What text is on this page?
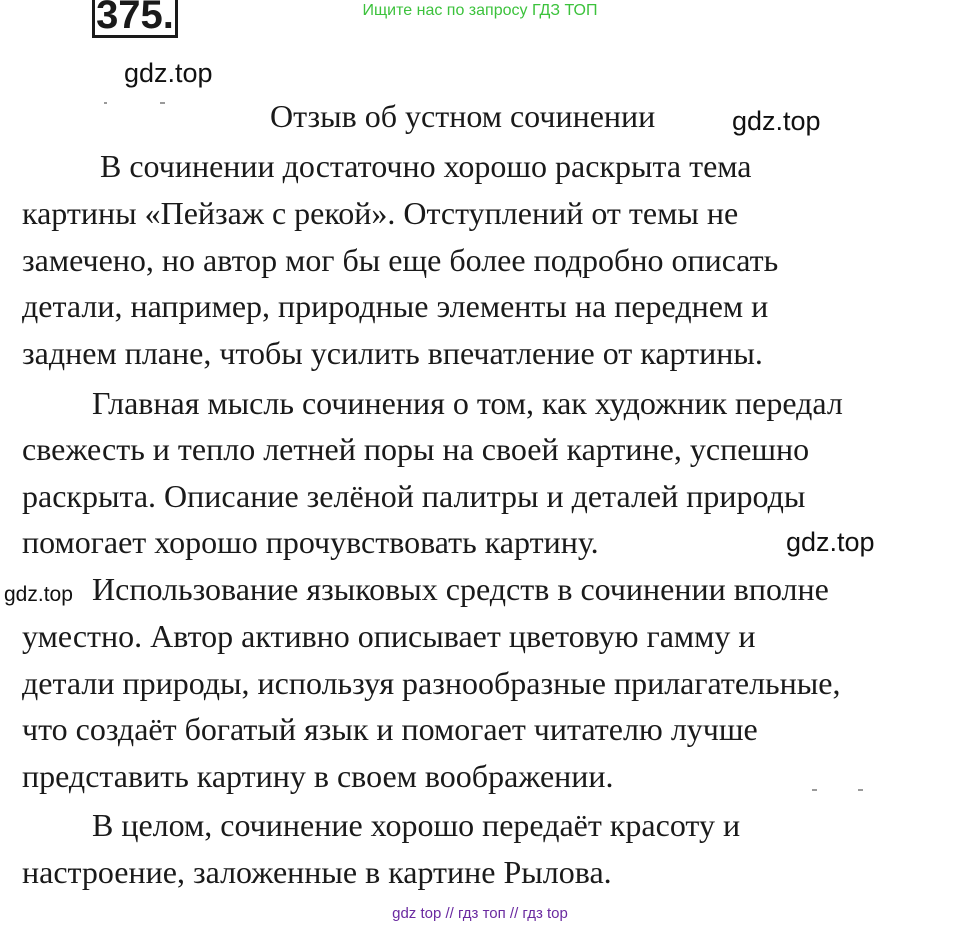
Ищите нас по запросу ГДЗ ТОП
375.
gdz.top
gdz.top
gdz.top
gdz.top
Отзыв об устном сочинении
В сочинении достаточно хорошо раскрыта тема
картины «Пейзаж с рекой». Отступлений от темы не
замечено, но автор мог бы еще более подробно описать
детали, например, природные элементы на переднем и
заднем плане, чтобы усилить впечатление от картины.
Главная мысль сочинения о том, как художник передал
свежесть и тепло летней поры на своей картине, успешно
раскрыта. Описание зелёной палитры и деталей природы
помогает хорошо прочувствовать картину.
Использование языковых средств в сочинении вполне
уместно. Автор активно описывает цветовую гамму и
детали природы, используя разнообразные прилагательные,
что создаёт богатый язык и помогает читателю лучше
представить картину в своем воображении.
В целом, сочинение хорошо передаёт красоту и
настроение, заложенные в картине Рылова.
gdz top // гдз топ // гдз top
